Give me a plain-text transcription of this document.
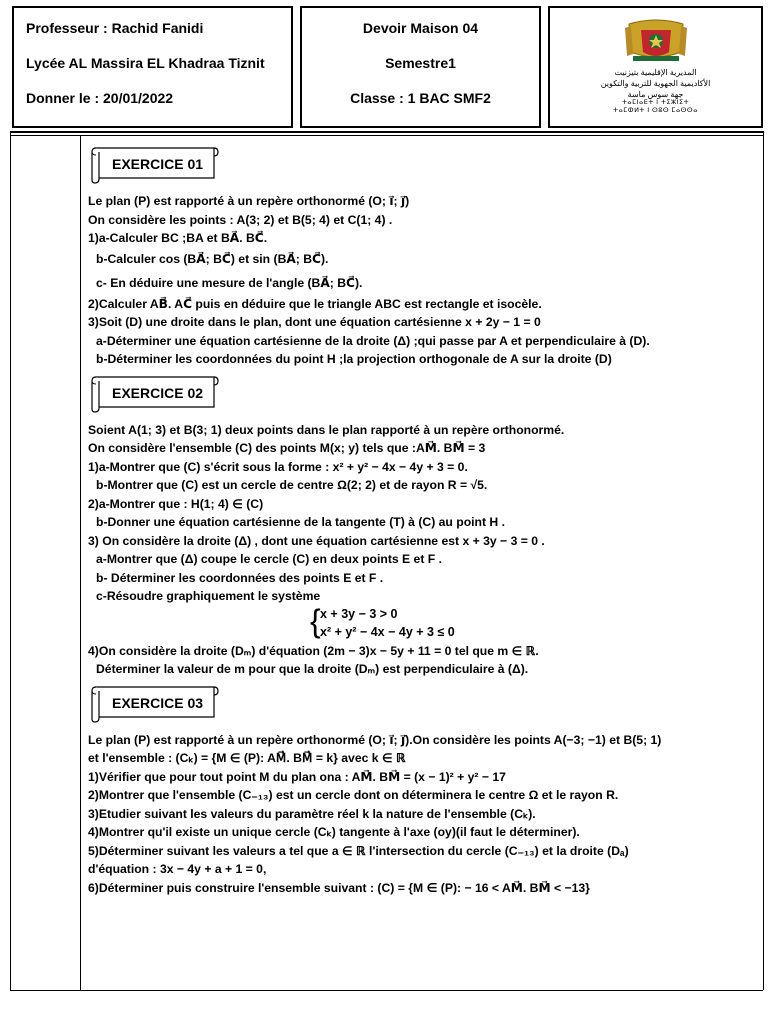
Professeur : Rachid Fanidi
Lycée AL Massira EL Khadraa Tiznit
Donner le : 20/01/2022
Devoir Maison 04
Semestre1
Classe : 1 BAC SMF2
المديرية الإقليمية بتيزنيت
الأكاديمية الجهوية للتربية والتكوين
جهة سوس ماسة
ⵜⴰⵎⵏⴰⴹⵜ ⵏ ⵜⵉⵣⵏⵉⵜ
ⵜⴰⵎⵀⵍⵜ ⵏ ⵙⵓⵙ ⵎⴰⵙⵙⴰ
EXERCICE 01
Le plan (P) est rapporté à un repère orthonormé (O; i⃗; j⃗)
On considère les points : A(3; 2) et B(5; 4) et C(1; 4) .
1)a-Calculer BC ;BA et BA⃗. BC⃗.
b-Calculer cos (BA⃗; BC⃗) et sin (BA⃗; BC⃗).
c- En déduire une mesure de l'angle (BA⃗; BC⃗).
2)Calculer AB⃗. AC⃗ puis en déduire que le triangle ABC est rectangle et isocèle.
3)Soit (D) une droite dans le plan, dont une équation cartésienne x + 2y − 1 = 0
a-Déterminer une équation cartésienne de la droite (Δ) ;qui passe par A et perpendiculaire à (D).
b-Déterminer les coordonnées du point H ;la projection orthogonale de A sur la droite (D)
EXERCICE 02
Soient A(1; 3) et B(3; 1) deux points dans le plan rapporté à un repère orthonormé.
On considère l'ensemble (C) des points M(x; y) tels que :AM⃗. BM⃗ = 3
1)a-Montrer que (C) s'écrit sous la forme : x² + y² − 4x − 4y + 3 = 0.
b-Montrer que (C) est un cercle de centre Ω(2; 2) et de rayon R = √5.
2)a-Montrer que : H(1; 4) ∈ (C)
b-Donner une équation cartésienne de la tangente (T) à (C) au point H .
3) On considère la droite (Δ) , dont une équation cartésienne est x + 3y − 3 = 0 .
a-Montrer que (Δ) coupe le cercle (C) en deux points E et F .
b- Déterminer les coordonnées des points E et F .
c-Résoudre graphiquement le système
{ x + 3y − 3 > 0
x² + y² − 4x − 4y + 3 ≤ 0
4)On considère la droite (Dₘ) d'équation (2m − 3)x − 5y + 11 = 0 tel que m ∈ ℝ.
Déterminer la valeur de m pour que la droite (Dₘ) est perpendiculaire à (Δ).
EXERCICE 03
Le plan (P) est rapporté à un repère orthonormé (O; i⃗; j⃗).On considère les points A(−3; −1) et B(5; 1)
et l'ensemble : (Cₖ) = {M ∈ (P): AM⃗. BM⃗ = k} avec k ∈ ℝ
1)Vérifier que pour tout point M du plan ona : AM⃗. BM⃗ = (x − 1)² + y² − 17
2)Montrer que l'ensemble (C₋₁₃) est un cercle dont on déterminera le centre Ω et le rayon R.
3)Etudier suivant les valeurs du paramètre réel k la nature de l'ensemble (Cₖ).
4)Montrer qu'il existe un unique cercle (Cₖ) tangente à l'axe (oy)(il faut le déterminer).
5)Déterminer suivant les valeurs a tel que a ∈ ℝ l'intersection du cercle (C₋₁₃) et la droite (Dₐ)
d'équation : 3x − 4y + a + 1 = 0,
6)Déterminer puis construire l'ensemble suivant : (C) = {M ∈ (P): − 16 < AM⃗. BM⃗ < −13}
